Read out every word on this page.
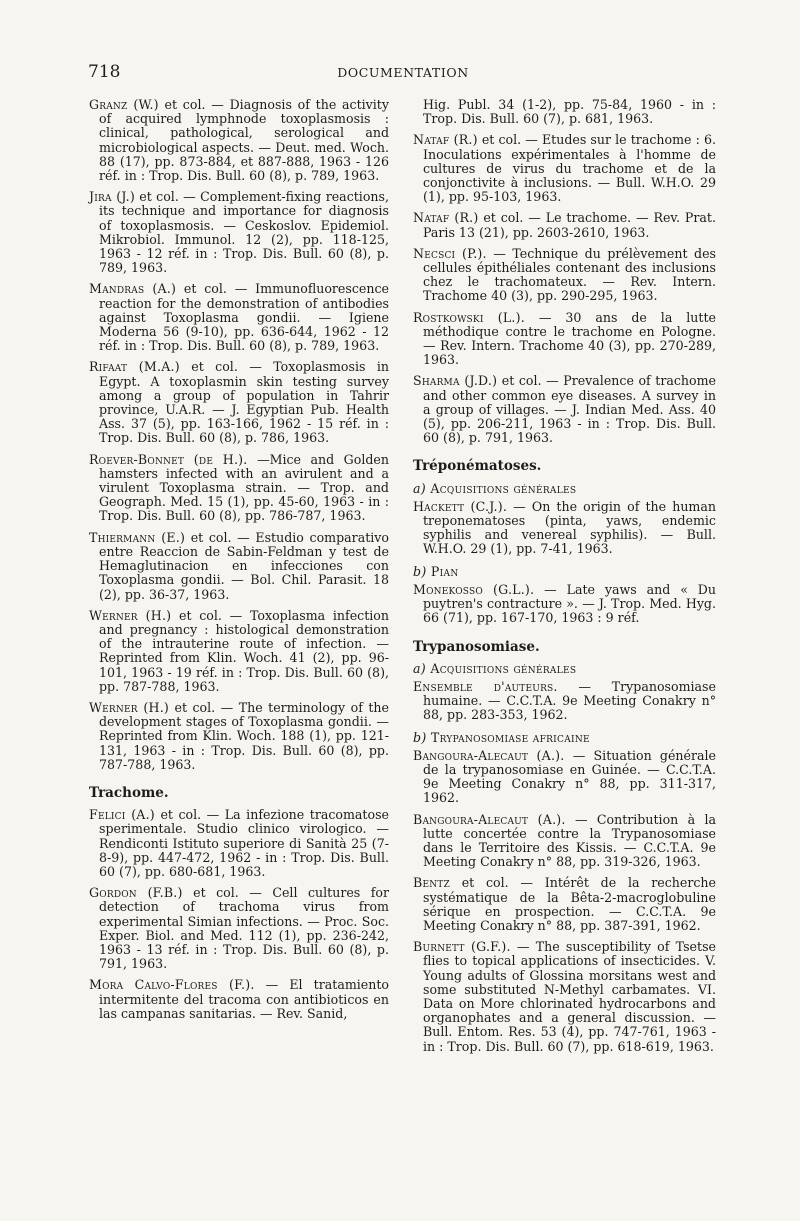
718	DOCUMENTATION

Granz (W.) et col. — Diagnosis of the activity of acquired lymphnode toxoplasmosis : clinical, pathological, serological and microbiological aspects. — Deut. med. Woch. 88 (17), pp. 873-884, et 887-888, 1963 - 126 réf. in : Trop. Dis. Bull. 60 (8), p. 789, 1963.

Jira (J.) et col. — Complement-fixing reactions, its technique and importance for diagnosis of toxoplasmosis. — Ceskoslov. Epidemiol. Mikrobiol. Immunol. 12 (2), pp. 118-125, 1963 - 12 réf. in : Trop. Dis. Bull. 60 (8), p. 789, 1963.

Mandras (A.) et col. — Immunofluorescence reaction for the demonstration of antibodies against Toxoplasma gondii. — Igiene Moderna 56 (9-10), pp. 636-644, 1962 - 12 réf. in : Trop. Dis. Bull. 60 (8), p. 789, 1963.

Rifaat (M.A.) et col. — Toxoplasmosis in Egypt. A toxoplasmin skin testing survey among a group of population in Tahrir province, U.A.R. — J. Egyptian Pub. Health Ass. 37 (5), pp. 163-166, 1962 - 15 réf. in : Trop. Dis. Bull. 60 (8), p. 786, 1963.

Roever-Bonnet (de H.). —Mice and Golden hamsters infected with an avirulent and a virulent Toxoplasma strain. — Trop. and Geograph. Med. 15 (1), pp. 45-60, 1963 - in : Trop. Dis. Bull. 60 (8), pp. 786-787, 1963.

Thiermann (E.) et col. — Estudio comparativo entre Reaccion de Sabin-Feldman y test de Hemaglutinacion en infecciones con Toxoplasma gondii. — Bol. Chil. Parasit. 18 (2), pp. 36-37, 1963.

Werner (H.) et col. — Toxoplasma infection and pregnancy : histological demonstration of the intrauterine route of infection. — Reprinted from Klin. Woch. 41 (2), pp. 96-101, 1963 - 19 réf. in : Trop. Dis. Bull. 60 (8), pp. 787-788, 1963.

Werner (H.) et col. — The terminology of the development stages of Toxoplasma gondii. — Reprinted from Klin. Woch. 188 (1), pp. 121-131, 1963 - in : Trop. Dis. Bull. 60 (8), pp. 787-788, 1963.

Trachome.

Felici (A.) et col. — La infezione tracomatose sperimentale. Studio clinico virologico. — Rendiconti Istituto superiore di Sanità 25 (7-8-9), pp. 447-472, 1962 - in : Trop. Dis. Bull. 60 (7), pp. 680-681, 1963.

Gordon (F.B.) et col. — Cell cultures for detection of trachoma virus from experimental Simian infections. — Proc. Soc. Exper. Biol. and Med. 112 (1), pp. 236-242, 1963 - 13 réf. in : Trop. Dis. Bull. 60 (8), p. 791, 1963.

Mora Calvo-Flores (F.). — El tratamiento intermitente del tracoma con antibioticos en las campanas sanitarias. — Rev. Sanid,

Hig. Publ. 34 (1-2), pp. 75-84, 1960 - in : Trop. Dis. Bull. 60 (7), p. 681, 1963.

Nataf (R.) et col. — Etudes sur le trachome : 6. Inoculations expérimentales à l'homme de cultures de virus du trachome et de la conjonctivite à inclusions. — Bull. W.H.O. 29 (1), pp. 95-103, 1963.

Nataf (R.) et col. — Le trachome. — Rev. Prat. Paris 13 (21), pp. 2603-2610, 1963.

Necsci (P.). — Technique du prélèvement des cellules épithéliales contenant des inclusions chez le trachomateux. — Rev. Intern. Trachome 40 (3), pp. 290-295, 1963.

Rostkowski (L.). — 30 ans de la lutte méthodique contre le trachome en Pologne. — Rev. Intern. Trachome 40 (3), pp. 270-289, 1963.

Sharma (J.D.) et col. — Prevalence of trachome and other common eye diseases. A survey in a group of villages. — J. Indian Med. Ass. 40 (5), pp. 206-211, 1963 - in : Trop. Dis. Bull. 60 (8), p. 791, 1963.

Tréponématoses.
a) Acquisitions générales

Hackett (C.J.). — On the origin of the human treponematoses (pinta, yaws, endemic syphilis and venereal syphilis). — Bull. W.H.O. 29 (1), pp. 7-41, 1963.

b) Pian

Monekosso (G.L.). — Late yaws and « Du puytren's contracture ». — J. Trop. Med. Hyg. 66 (71), pp. 167-170, 1963 : 9 réf.

Trypanosomiase.
a) Acquisitions générales

Ensemble d'auteurs. — Trypanosomiase humaine. — C.C.T.A. 9e Meeting Conakry n° 88, pp. 283-353, 1962.

b) Trypanosomiase africaine

Bangoura-Alecaut (A.). — Situation générale de la trypanosomiase en Guinée. — C.C.T.A. 9e Meeting Conakry n° 88, pp. 311-317, 1962.

Bangoura-Alecaut (A.). — Contribution à la lutte concertée contre la Trypanosomiase dans le Territoire des Kissis. — C.C.T.A. 9e Meeting Conakry n° 88, pp. 319-326, 1963.

Bentz et col. — Intérêt de la recherche systématique de la Bêta-2-macroglobuline sérique en prospection. — C.C.T.A. 9e Meeting Conakry n° 88, pp. 387-391, 1962.

Burnett (G.F.). — The susceptibility of Tsetse flies to topical applications of insecticides. V. Young adults of Glossina morsitans west and some substituted N-Methyl carbamates. VI. Data on More chlorinated hydrocarbons and organophates and a general discussion. — Bull. Entom. Res. 53 (4), pp. 747-761, 1963 - in : Trop. Dis. Bull. 60 (7), pp. 618-619, 1963.
